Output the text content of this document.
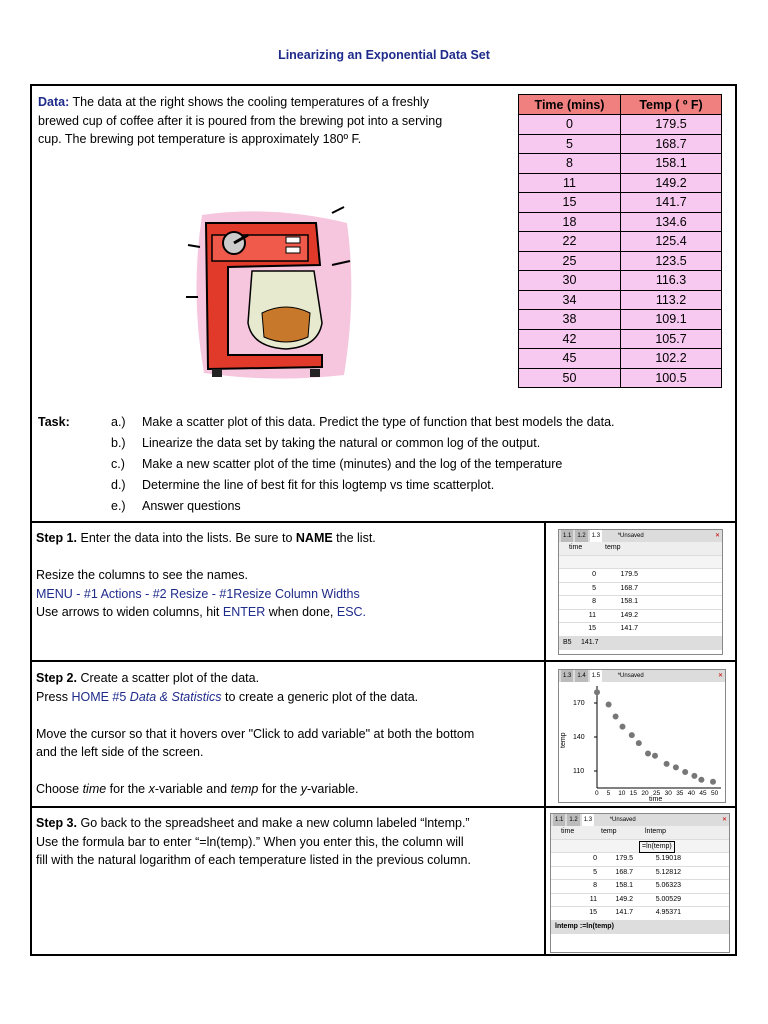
Linearizing an Exponential Data Set
Data: The data at the right shows the cooling temperatures of a freshly
brewed cup of coffee after it is poured from the brewing pot into a serving
cup. The brewing pot temperature is approximately 180º F.
Time (mins)	Temp ( º F)
0	179.5
5	168.7
8	158.1
11	149.2
15	141.7
18	134.6
22	125.4
25	123.5
30	116.3
34	113.2
38	109.1
42	105.7
45	102.2
50	100.5
Task:	a.) Make a scatter plot of this data. Predict the type of function that best models the data.
b.) Linearize the data set by taking the natural or common log of the output.
c.) Make a new scatter plot of the time (minutes) and the log of the temperature
d.) Determine the line of best fit for this logtemp vs time scatterplot.
e.) Answer questions
Step 1. Enter the data into the lists. Be sure to NAME the list.

Resize the columns to see the names.
MENU - #1 Actions - #2 Resize - #1Resize Column Widths
Use arrows to widen columns, hit ENTER when done, ESC.
Step 2. Create a scatter plot of the data.
Press HOME #5 Data & Statistics to create a generic plot of the data.

Move the cursor so that it hovers over "Click to add variable" at both the bottom
and the left side of the screen.

Choose time for the x-variable and temp for the y-variable.
Step 3. Go back to the spreadsheet and make a new column labeled “lntemp.”
Use the formula bar to enter “=ln(temp).” When you enter this, the column will
fill with the natural logarithm of each temperature listed in the previous column.
1.1 1.2 1.3	*Unsaved	✕
time	temp
0	179.5
5	168.7
8	158.1
11	149.2
15	141.7
B5 141.7
1.3 1.4 1.5	*Unsaved	✕
temp
time
170
140
110
0 5 10 15 20 25 30 35 40 45 50
1.1 1.2 1.3	*Unsaved	✕
time	temp	lntemp
=ln(temp)
0	179.5	5.19018
5	168.7	5.12812
8	158.1	5.06323
11	149.2	5.00529
15	141.7	4.95371
lntemp :=ln(temp)
